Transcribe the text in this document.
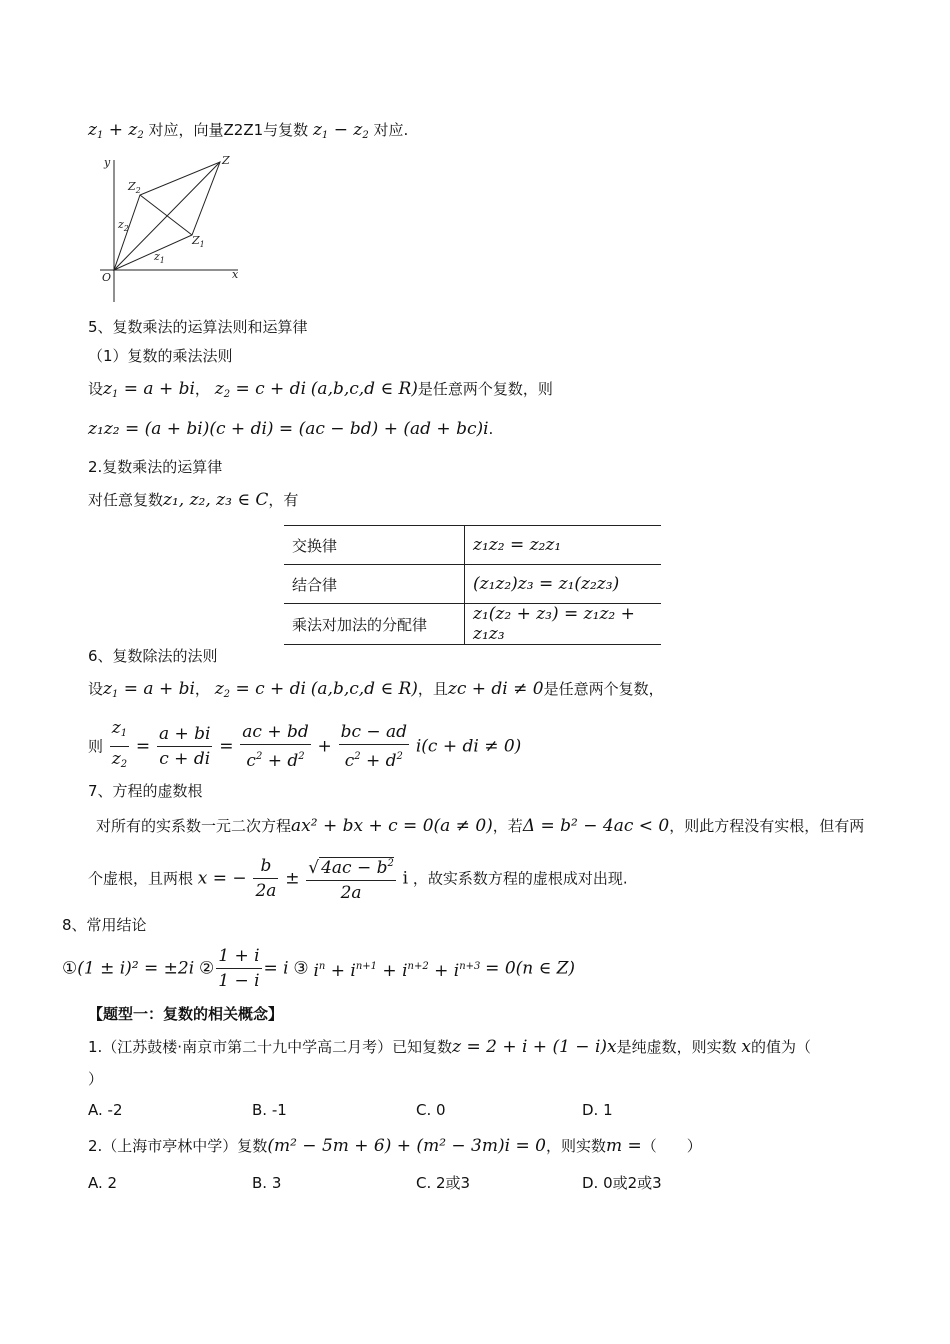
$z_1 + z_2$ 对应，向量Z2Z1与复数 $z_1 - z_2$ 对应.
y
x
O
Z
$Z_2$
$Z_1$
$z_2$
$z_1$
5、复数乘法的运算法则和运算律
（1）复数的乘法法则
设$z_1 = a$ + bi， $z_2 = c$ + di (a,b,c,d ∈ R)是任意两个复数，则
z₁z₂ = (a + bi)(c + di) = (ac − bd) + (ad + bc)i.
2.复数乘法的运算律
对任意复数z₁, z₂, z₃ ∈ C，有
交换律	z₁z₂ = z₂z₁
结合律	(z₁z₂)z₃ = z₁(z₂z₃)
乘法对加法的分配律	z₁(z₂ + z₃) = z₁z₂ + z₁z₃
6、复数除法的法则
设$z_1 = a$ + bi， $z_2 = c$ + di (a,b,c,d ∈ R)，且zc + di ≠ 0是任意两个复数，
则 $\frac{z_1}{z_2} = \frac{a + bi}{c + di} = \frac{ac + bd}{c^2 + d^2} + \frac{bc - ad}{c^2 + d^2} i(c$ + di ≠ 0)
7、方程的虚数根
对所有的实系数一元二次方程ax² + bx + c = 0(a ≠ 0)，若Δ = b² − 4ac < 0，则此方程没有实根，但有两
个虚根，且两根 x = − $\frac{b}{2a} \pm \frac{√ 4ac - b^2}{2a}$ i ，故实系数方程的虚根成对出现.
8、常用结论
①(1 ± i)² = ±2i ② $\frac{1 + i}{1 - i} = i$ ③ $i^n + i^{n+1} + i^{n+2} + i^{n+3} = 0(n$ ∈ Z)
【题型一：复数的相关概念】
1.（江苏鼓楼·南京市第二十九中学高二月考）已知复数z = 2 + i + (1 − i)x是纯虚数，则实数 x的值为（
）
A. -2	B. -1	C. 0	D. 1
2.（上海市亭林中学）复数(m² − 5m + 6) + (m² − 3m)i = 0，则实数m =（　　）
A. 2	B. 3	C. 2或3	D. 0或2或3
